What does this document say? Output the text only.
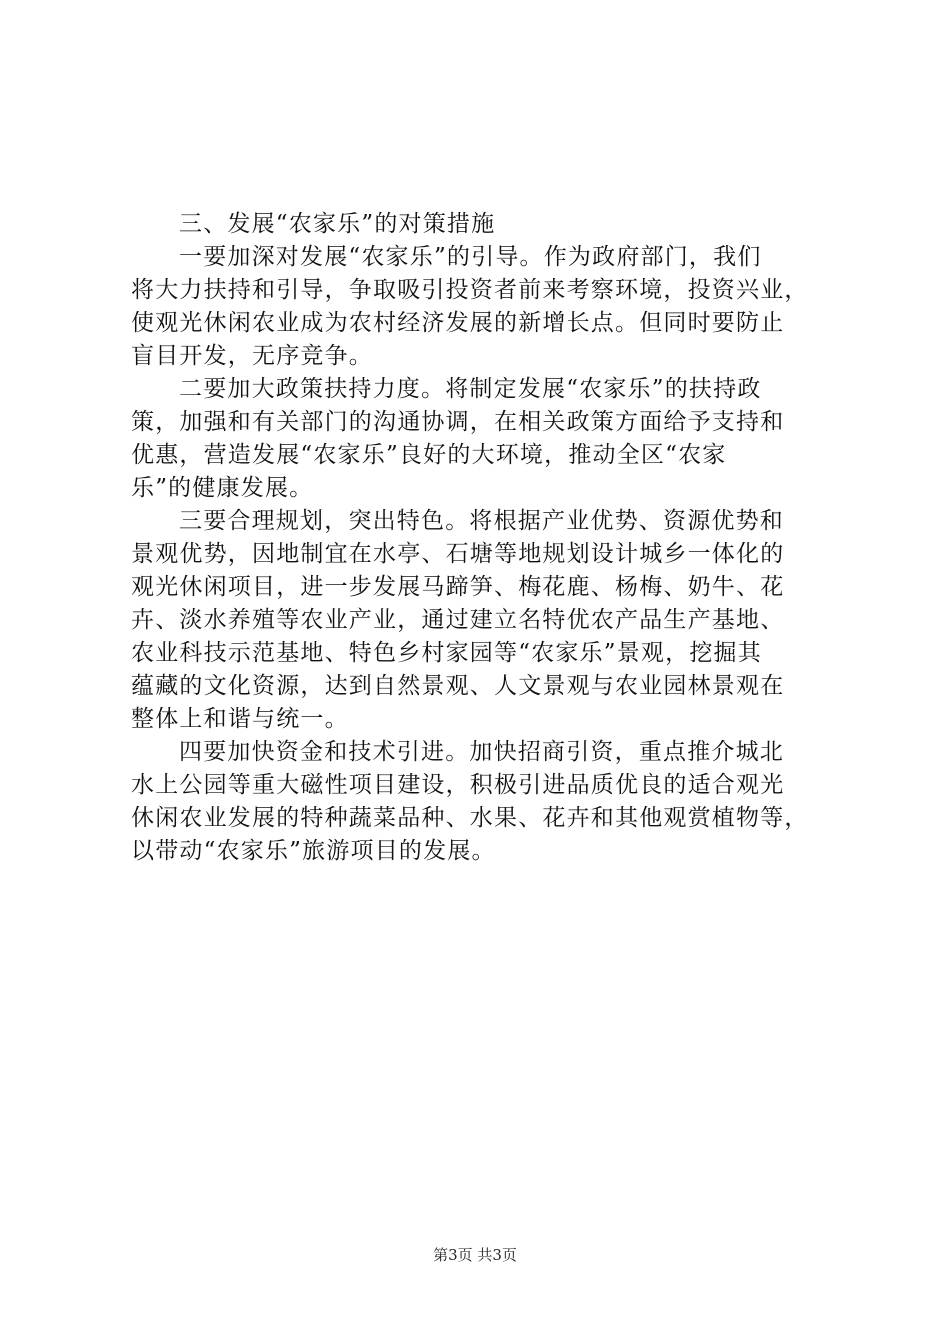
三、发展“农家乐”的对策措施

一要加深对发展“农家乐”的引导。作为政府部门，我们
将大力扶持和引导，争取吸引投资者前来考察环境，投资兴业，
使观光休闲农业成为农村经济发展的新增长点。但同时要防止
盲目开发，无序竞争。
二要加大政策扶持力度。将制定发展“农家乐”的扶持政
策，加强和有关部门的沟通协调，在相关政策方面给予支持和
优惠，营造发展“农家乐”良好的大环境，推动全区“农家
乐”的健康发展。
三要合理规划，突出特色。将根据产业优势、资源优势和
景观优势，因地制宜在水亭、石塘等地规划设计城乡一体化的
观光休闲项目，进一步发展马蹄笋、梅花鹿、杨梅、奶牛、花
卉、淡水养殖等农业产业，通过建立名特优农产品生产基地、
农业科技示范基地、特色乡村家园等“农家乐”景观，挖掘其
蕴藏的文化资源，达到自然景观、人文景观与农业园林景观在
整体上和谐与统一。
四要加快资金和技术引进。加快招商引资，重点推介城北
水上公园等重大磁性项目建设，积极引进品质优良的适合观光
休闲农业发展的特种蔬菜品种、水果、花卉和其他观赏植物等，
以带动“农家乐”旅游项目的发展。
第3页 共3页
